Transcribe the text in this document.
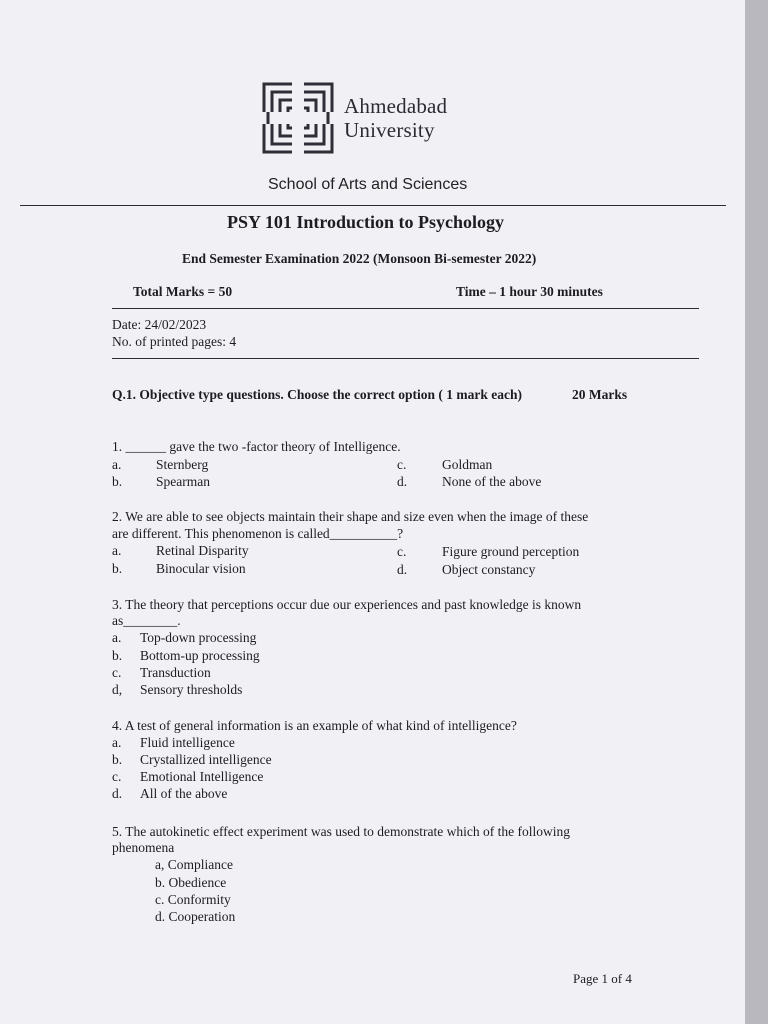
Ahmedabad
University
School of Arts and Sciences
PSY 101 Introduction to Psychology
End Semester Examination 2022 (Monsoon Bi-semester 2022)
Total Marks = 50	Time – 1 hour 30 minutes
Date: 24/02/2023
No. of printed pages: 4
Q.1. Objective type questions. Choose the correct option ( 1 mark each)	20 Marks
1. ______ gave the two -factor theory of Intelligence.
a.	Sternberg	c.	Goldman
b.	Spearman	d.	None of the above
2. We are able to see objects maintain their shape and size even when the image of these
are different. This phenomenon is called__________?
a.	Retinal Disparity	c.	Figure ground perception
b.	Binocular vision	d.	Object constancy
3. The theory that perceptions occur due our experiences and past knowledge is known
as________.
a. Top-down processing
b. Bottom-up processing
c. Transduction
d, Sensory thresholds
4. A test of general information is an example of what kind of intelligence?
a. Fluid intelligence
b. Crystallized intelligence
c. Emotional Intelligence
d. All of the above
5. The autokinetic effect experiment was used to demonstrate which of the following
phenomena
a, Compliance
b. Obedience
c. Conformity
d. Cooperation
Page 1 of 4
